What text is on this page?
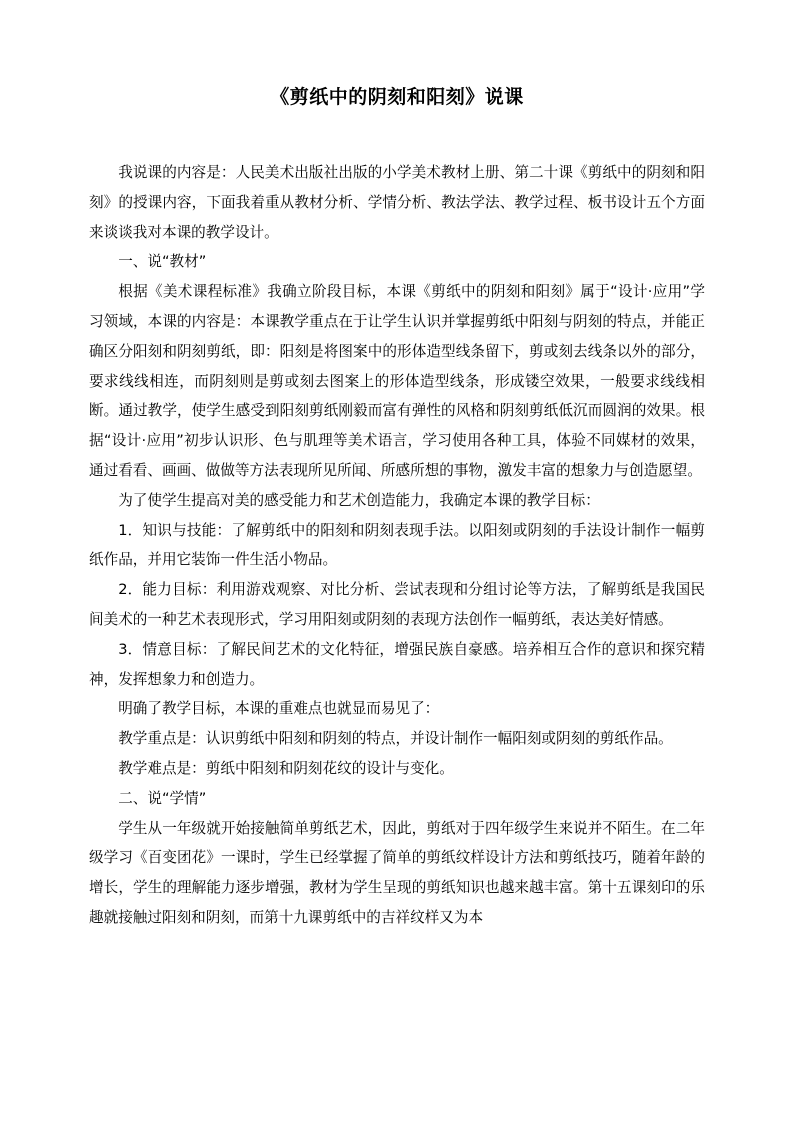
《剪纸中的阴刻和阳刻》说课

我说课的内容是：人民美术出版社出版的小学美术教材上册、第二十课《剪纸中的阴刻和阳刻》的授课内容，下面我着重从教材分析、学情分析、教法学法、教学过程、板书设计五个方面来谈谈我对本课的教学设计。

一、说“教材”

根据《美术课程标准》我确立阶段目标，本课《剪纸中的阴刻和阳刻》属于“设计·应用”学习领域，本课的内容是：本课教学重点在于让学生认识并掌握剪纸中阳刻与阴刻的特点，并能正确区分阳刻和阴刻剪纸，即：阳刻是将图案中的形体造型线条留下，剪或刻去线条以外的部分，要求线线相连，而阴刻则是剪或刻去图案上的形体造型线条，形成镂空效果，一般要求线线相断。通过教学，使学生感受到阳刻剪纸刚毅而富有弹性的风格和阴刻剪纸低沉而圆润的效果。根据“设计·应用”初步认识形、色与肌理等美术语言，学习使用各种工具，体验不同媒材的效果，通过看看、画画、做做等方法表现所见所闻、所感所想的事物，激发丰富的想象力与创造愿望。

为了使学生提高对美的感受能力和艺术创造能力，我确定本课的教学目标：

1．知识与技能：了解剪纸中的阳刻和阴刻表现手法。以阳刻或阴刻的手法设计制作一幅剪纸作品，并用它装饰一件生活小物品。

2．能力目标：利用游戏观察、对比分析、尝试表现和分组讨论等方法，了解剪纸是我国民间美术的一种艺术表现形式，学习用阳刻或阴刻的表现方法创作一幅剪纸，表达美好情感。

3．情意目标：了解民间艺术的文化特征，增强民族自豪感。培养相互合作的意识和探究精神，发挥想象力和创造力。

明确了教学目标，本课的重难点也就显而易见了：

教学重点是：认识剪纸中阳刻和阴刻的特点，并设计制作一幅阳刻或阴刻的剪纸作品。

教学难点是：剪纸中阳刻和阴刻花纹的设计与变化。

二、说“学情”

学生从一年级就开始接触简单剪纸艺术，因此，剪纸对于四年级学生来说并不陌生。在二年级学习《百变团花》一课时，学生已经掌握了简单的剪纸纹样设计方法和剪纸技巧，随着年龄的增长，学生的理解能力逐步增强，教材为学生呈现的剪纸知识也越来越丰富。第十五课刻印的乐趣就接触过阳刻和阴刻，而第十九课剪纸中的吉祥纹样又为本
